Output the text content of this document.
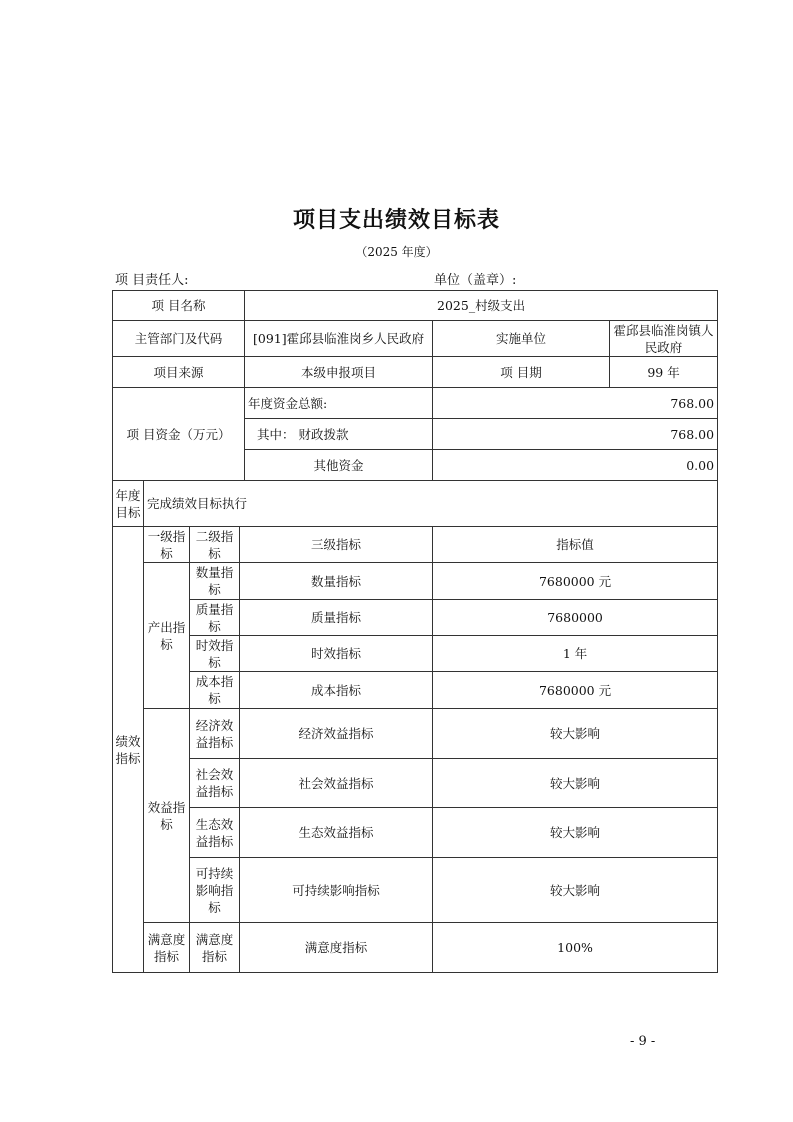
项目支出绩效目标表
（2025 年度）
项 目责任人:	单位（盖章）:
项 目名称				2025_村级支出		
主管部门及代码				[091]霍邱县临淮岗乡人民政府	实施单位	霍邱县临淮岗镇人民政府
项目来源				本级申报项目	项 目期	99 年
项 目资金（万元）				年度资金总额:	768.00	
				其中： 财政拨款	768.00	
				其他资金	0.00	
年度目标	完成绩效目标执行					
绩效指标	一级指标	二级指标	三级指标		指标值	
	产出指标	数量指标	数量指标		7680000 元	
		质量指标	质量指标		7680000	
		时效指标	时效指标		1 年	
		成本指标	成本指标		7680000 元	
	效益指标	经济效益指标	经济效益指标		较大影响	
		社会效益指标	社会效益指标		较大影响	
		生态效益指标	生态效益指标		较大影响	
		可持续影响指标	可持续影响指标		较大影响	
	满意度指标	满意度指标	满意度指标		100%	
- 9 -
